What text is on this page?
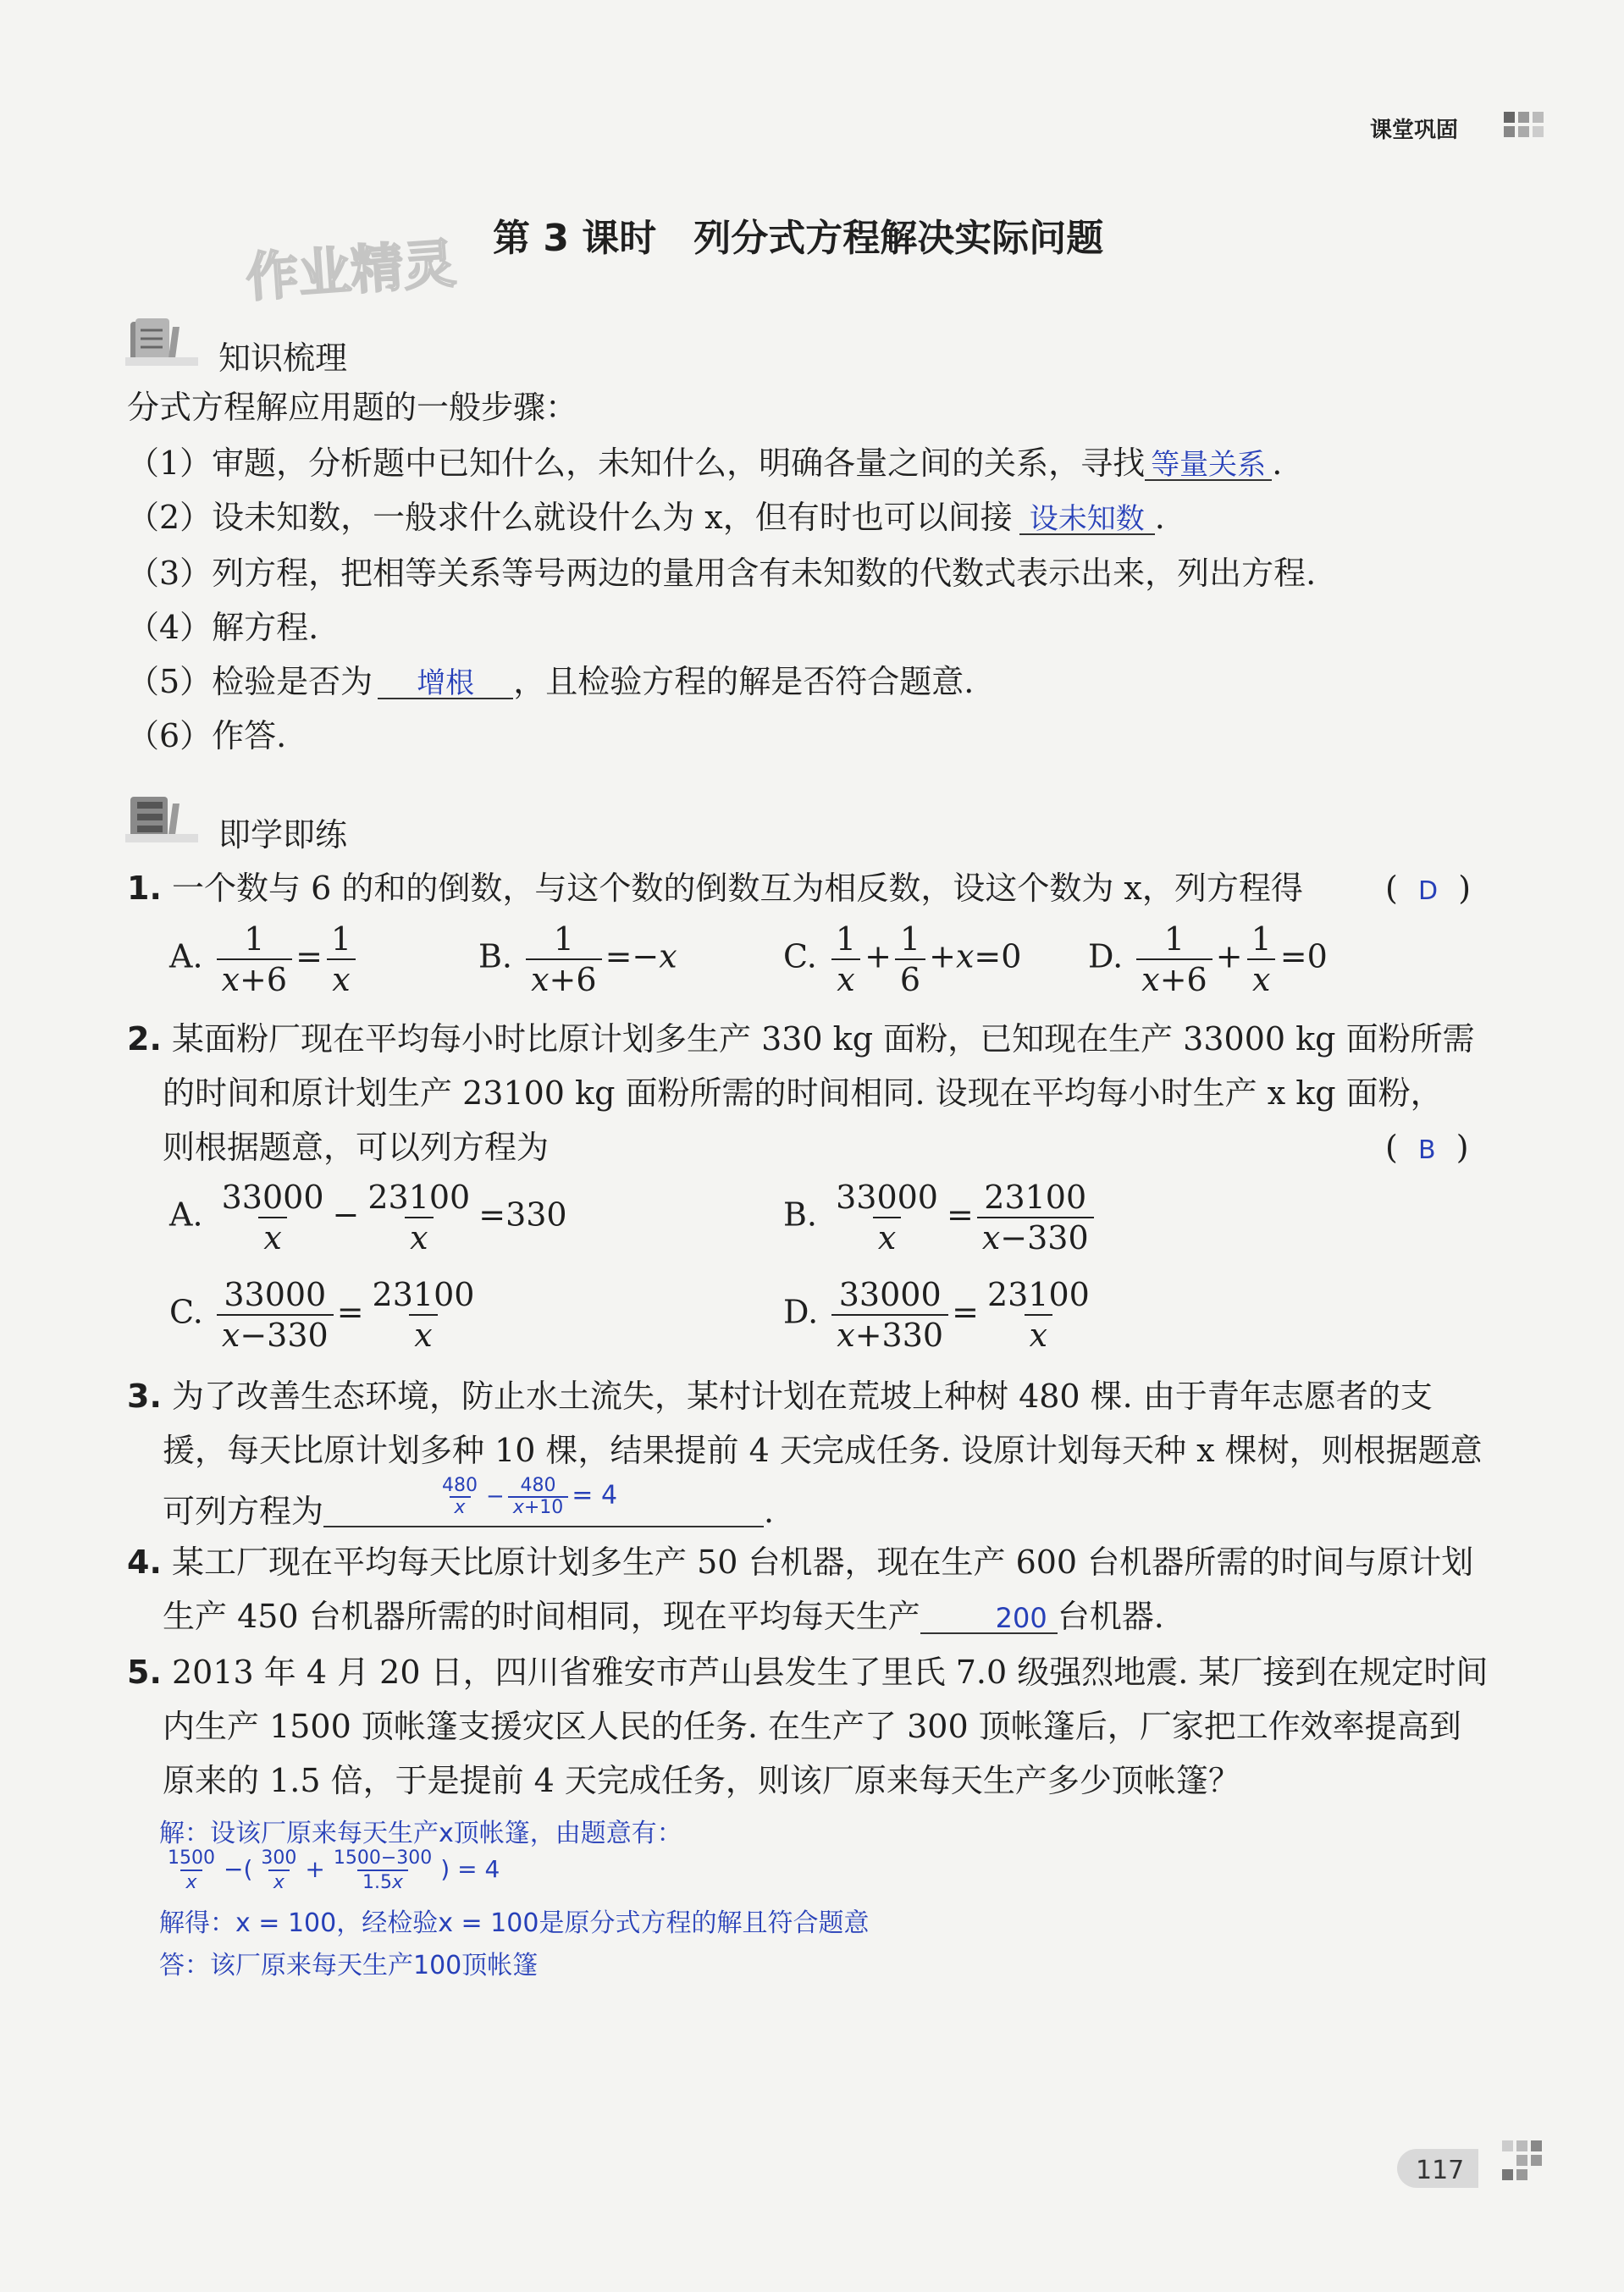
课堂巩固
第 3 课时　列分式方程解决实际问题
作业精灵
知识梳理
分式方程解应用题的一般步骤：
（1）审题，分析题中已知什么，未知什么，明确各量之间的关系，寻找 等量关系 .
（2）设未知数，一般求什么就设什么为 x，但有时也可以间接 设未知数 .
（3）列方程，把相等关系等号两边的量用含有未知数的代数式表示出来，列出方程.
（4）解方程.
（5）检验是否为 增根 ，且检验方程的解是否符合题意.
（6）作答.
即学即练
1. 一个数与 6 的和的倒数，与这个数的倒数互为相反数，设这个数为 x，列方程得	(  D  )
A. $\frac{1}{x+6} = \frac{1}{x}$	B. $\frac{1}{x+6} =-x$	C. $\frac{1}{x} + \frac{1}{6} +x=0$ D. $\frac{1}{x+6} + \frac{1}{x} =0$
2. 某面粉厂现在平均每小时比原计划多生产 330 kg 面粉，已知现在生产 33000 kg 面粉所需
的时间和原计划生产 23100 kg 面粉所需的时间相同. 设现在平均每小时生产 x kg 面粉，
则根据题意，可以列方程为	(  B  )
A. $\frac{33000}{x} - \frac{23100}{x} =330$	B. $\frac{33000}{x} = \frac{23100}{x-330}$
C. $\frac{33000}{x-330} = \frac{23100}{x}$	D. $\frac{33000}{x+330} = \frac{23100}{x}$
3. 为了改善生态环境，防止水土流失，某村计划在荒坡上种树 480 棵. 由于青年志愿者的支
援，每天比原计划多种 10 棵，结果提前 4 天完成任务. 设原计划每天种 x 棵树，则根据题意
可列方程为	$\frac{480}{x} - \frac{480}{x+10} = 4$	.
4. 某工厂现在平均每天比原计划多生产 50 台机器，现在生产 600 台机器所需的时间与原计划
生产 450 台机器所需的时间相同，现在平均每天生产	200 台机器.
5. 2013 年 4 月 20 日，四川省雅安市芦山县发生了里氏 7.0 级强烈地震. 某厂接到在规定时间
内生产 1500 顶帐篷支援灾区人民的任务. 在生产了 300 顶帐篷后，厂家把工作效率提高到
原来的 1.5 倍，于是提前 4 天完成任务，则该厂原来每天生产多少顶帐篷？
解：设该厂原来每天生产x顶帐篷，由题意有：
$\frac{1500}{x}$ −( $\frac{300}{x} + \frac{1500-300}{1.5x}$ ) = 4
解得：x = 100，经检验x = 100是原分式方程的解且符合题意
答：该厂原来每天生产100顶帐篷
117
